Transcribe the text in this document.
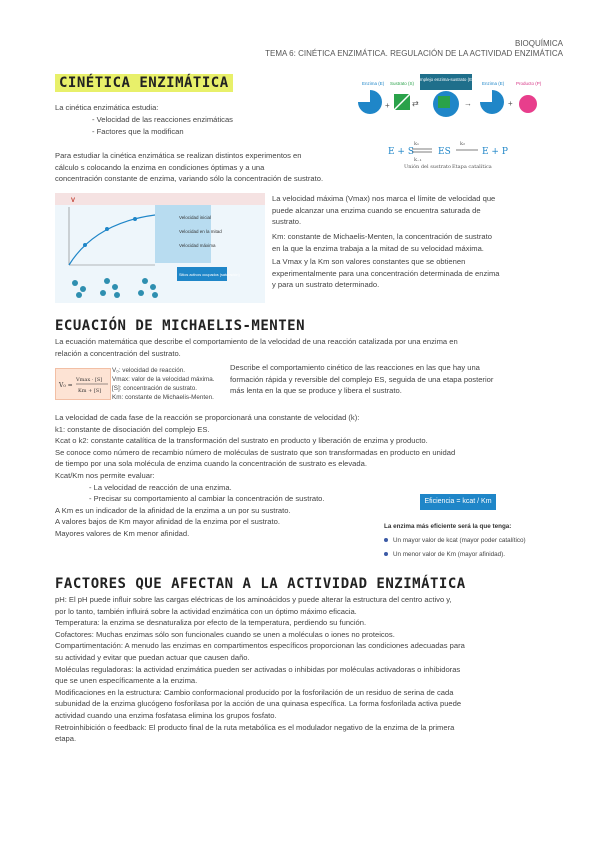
BIOQUÍMICA
TEMA 6: CINÉTICA ENZIMÁTICA. REGULACIÓN DE LA ACTIVIDAD ENZIMÁTICA
CINÉTICA ENZIMÁTICA
La cinética enzimática estudia:
- Velocidad de las reacciones enzimáticas
- Factores que la modifican
Para estudiar la cinética enzimática se realizan distintos experimentos en
cálculo s colocando la enzima en condiciones óptimas y a una
concentración constante de enzima, variando sólo la concentración de sustrato.
Complejo enzima-sustrato (E:S)
Enzima (E) Sustrato (S)	Enzima (E)	Producto (P)
+	⇄	→	+
E + S
k₁
k₋₁
ES
k₂
E + P
Unión del sustrato Etapa catalítica
V
Velocidad inicial
Velocidad en la mitad
Velocidad máxima
Sitios activos ocupados (saturación)
La velocidad máxima (Vmax) nos marca el límite de velocidad que
puede alcanzar una enzima cuando se encuentra saturada de
sustrato.
Km: constante de Michaelis-Menten, la concentración de sustrato
en la que la enzima trabaja a la mitad de su velocidad máxima.
La Vmax y la Km son valores constantes que se obtienen
experimentalmente para una concentración determinada de enzima
y para un sustrato determinado.
ECUACIÓN DE MICHAELIS-MENTEN
La ecuación matemática que describe el comportamiento de la velocidad de una reacción catalizada por una enzima en
relación a concentración del sustrato.
V₀ =
Vmax · [S]
Km + [S]
V₀: velocidad de reacción.
Vmax: valor de la velocidad máxima.
[S]: concentración de sustrato.
Km: constante de Michaelis-Menten.
Describe el comportamiento cinético de las reacciones en las que hay una
formación rápida y reversible del complejo ES, seguida de una etapa posterior
más lenta en la que se produce y libera el sustrato.
La velocidad de cada fase de la reacción se proporcionará una constante de velocidad (k):
k1: constante de disociación del complejo ES.
Kcat o k2: constante catalítica de la transformación del sustrato en producto y liberación de enzima y producto.
Se conoce como número de recambio número de moléculas de sustrato que son transformadas en producto en unidad
de tiempo por una sola molécula de enzima cuando la concentración de sustrato es elevada.
Kcat/Km nos permite evaluar:
- La velocidad de reacción de una enzima.
- Precisar su comportamiento al cambiar la concentración de sustrato.
A Km es un indicador de la afinidad de la enzima a un por su sustrato.
A valores bajos de Km mayor afinidad de la enzima por el sustrato.
Mayores valores de Km menor afinidad.
Eficiencia = kcat / Km
La enzima más eficiente será la que tenga:
Un mayor valor de kcat (mayor poder catalítico)
Un menor valor de Km (mayor afinidad).
FACTORES QUE AFECTAN A LA ACTIVIDAD ENZIMÁTICA
pH: El pH puede influir sobre las cargas eléctricas de los aminoácidos y puede alterar la estructura del centro activo y,
por lo tanto, también influirá sobre la actividad enzimática con un óptimo máximo eficacia.
Temperatura: la enzima se desnaturaliza por efecto de la temperatura, perdiendo su función.
Cofactores: Muchas enzimas sólo son funcionales cuando se unen a moléculas o iones no proteicos.
Compartimentación: A menudo las enzimas en compartimentos específicos proporcionan las condiciones adecuadas para
su actividad y evitar que puedan actuar que causen daño.
Moléculas reguladoras: la actividad enzimática pueden ser activadas o inhibidas por moléculas activadoras o inhibidoras
que se unen específicamente a la enzima.
Modificaciones en la estructura: Cambio conformacional producido por la fosforilación de un residuo de serina de cada
subunidad de la enzima glucógeno fosforilasa por la acción de una quinasa específica. La forma fosforilada activa puede
actividad cuando una enzima fosfatasa elimina los grupos fosfato.
Retroinhibición o feedback: El producto final de la ruta metabólica es el modulador negativo de la enzima de la primera
etapa.
